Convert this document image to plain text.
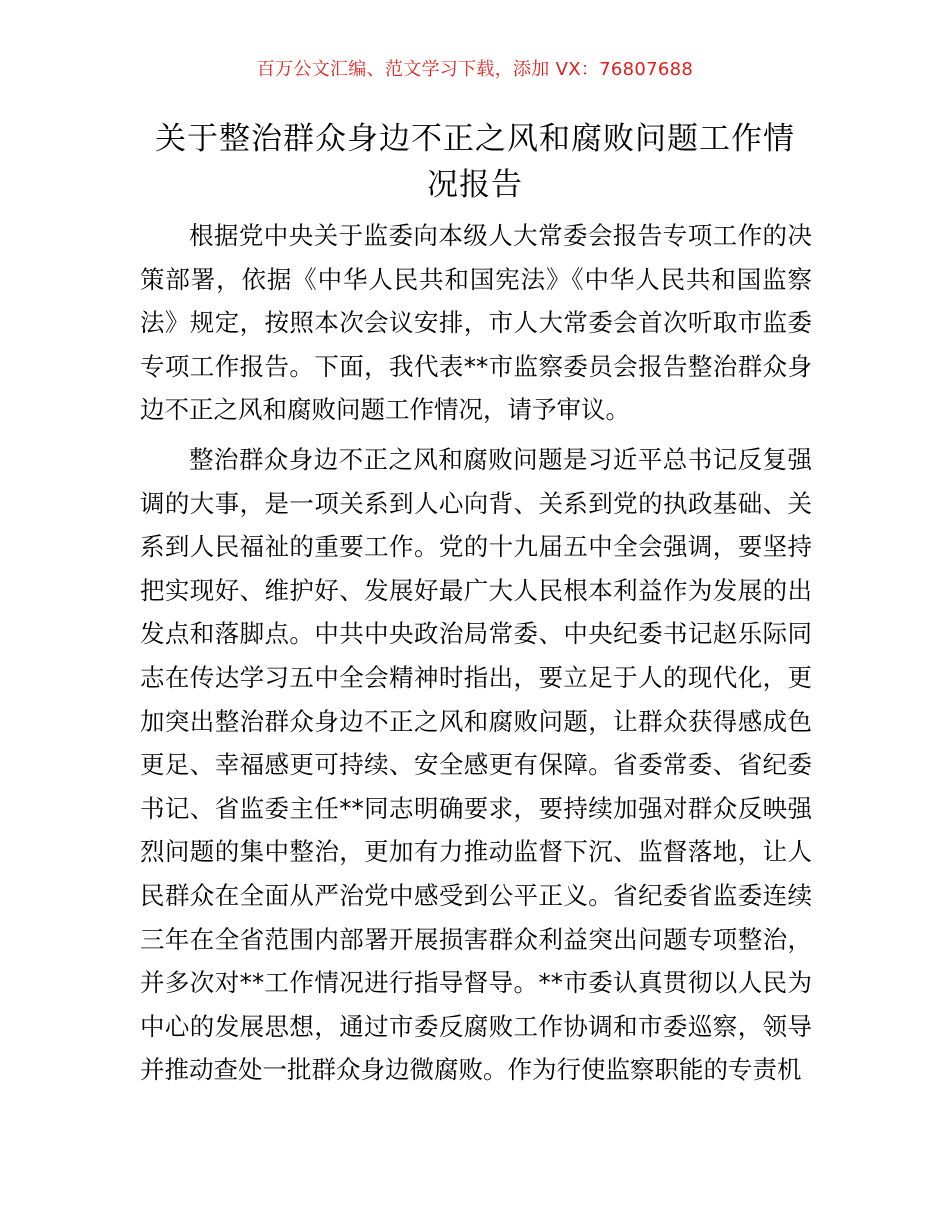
百万公文汇编、范文学习下载，添加 VX：76807688
关于整治群众身边不正之风和腐败问题工作情况报告

根据党中央关于监委向本级人大常委会报告专项工作的决策部署，依据《中华人民共和国宪法》《中华人民共和国监察法》规定，按照本次会议安排，市人大常委会首次听取市监委专项工作报告。下面，我代表**市监察委员会报告整治群众身边不正之风和腐败问题工作情况，请予审议。

整治群众身边不正之风和腐败问题是习近平总书记反复强调的大事，是一项关系到人心向背、关系到党的执政基础、关系到人民福祉的重要工作。党的十九届五中全会强调，要坚持把实现好、维护好、发展好最广大人民根本利益作为发展的出发点和落脚点。中共中央政治局常委、中央纪委书记赵乐际同志在传达学习五中全会精神时指出，要立足于人的现代化，更加突出整治群众身边不正之风和腐败问题，让群众获得感成色更足、幸福感更可持续、安全感更有保障。省委常委、省纪委书记、省监委主任**同志明确要求，要持续加强对群众反映强烈问题的集中整治，更加有力推动监督下沉、监督落地，让人民群众在全面从严治党中感受到公平正义。省纪委省监委连续三年在全省范围内部署开展损害群众利益突出问题专项整治，并多次对**工作情况进行指导督导。**市委认真贯彻以人民为中心的发展思想，通过市委反腐败工作协调和市委巡察，领导并推动查处一批群众身边微腐败。作为行使监察职能的专责机
